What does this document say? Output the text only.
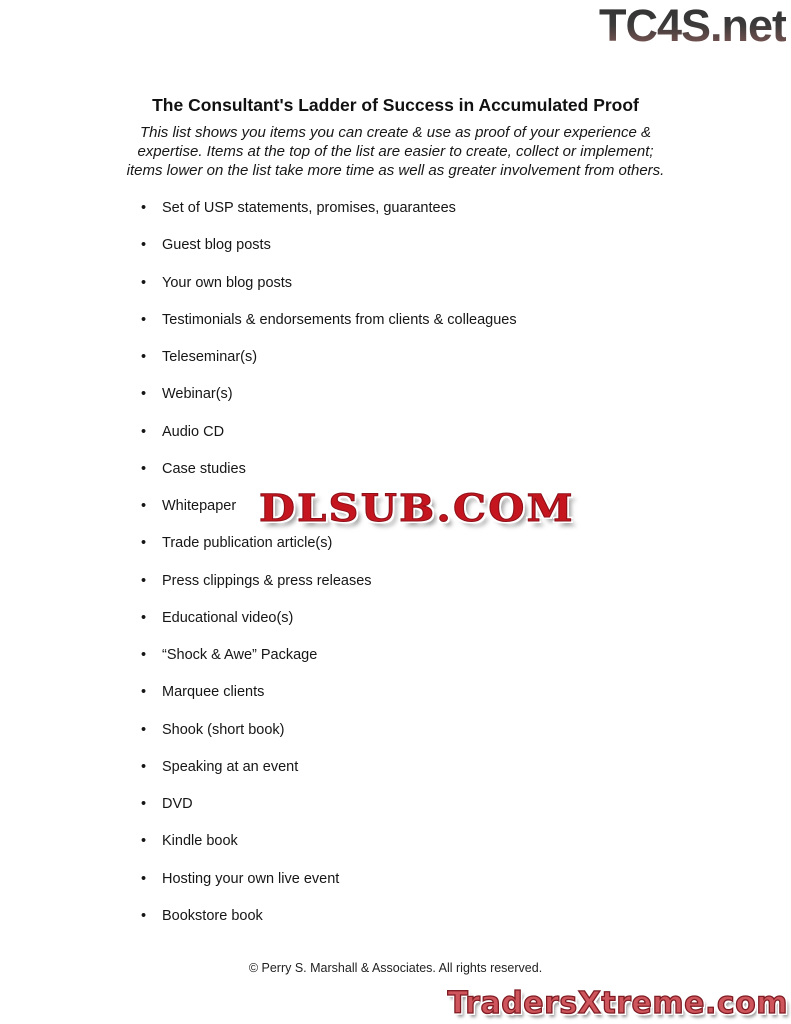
TC4S.net
The Consultant's Ladder of Success in Accumulated Proof
This list shows you items you can create & use as proof of your experience &
expertise. Items at the top of the list are easier to create, collect or implement;
items lower on the list take more time as well as greater involvement from others.
•	Set of USP statements, promises, guarantees
•	Guest blog posts
•	Your own blog posts
•	Testimonials & endorsements from clients & colleagues
•	Teleseminar(s)
•	Webinar(s)
•	Audio CD
•	Case studies
•	Whitepaper
•	Trade publication article(s)
•	Press clippings & press releases
•	Educational video(s)
•	“Shock & Awe” Package
•	Marquee clients
•	Shook (short book)
•	Speaking at an event
•	DVD
•	Kindle book
•	Hosting your own live event
•	Bookstore book
DLSUB.COM
© Perry S. Marshall & Associates. All rights reserved.
TradersXtreme.com
